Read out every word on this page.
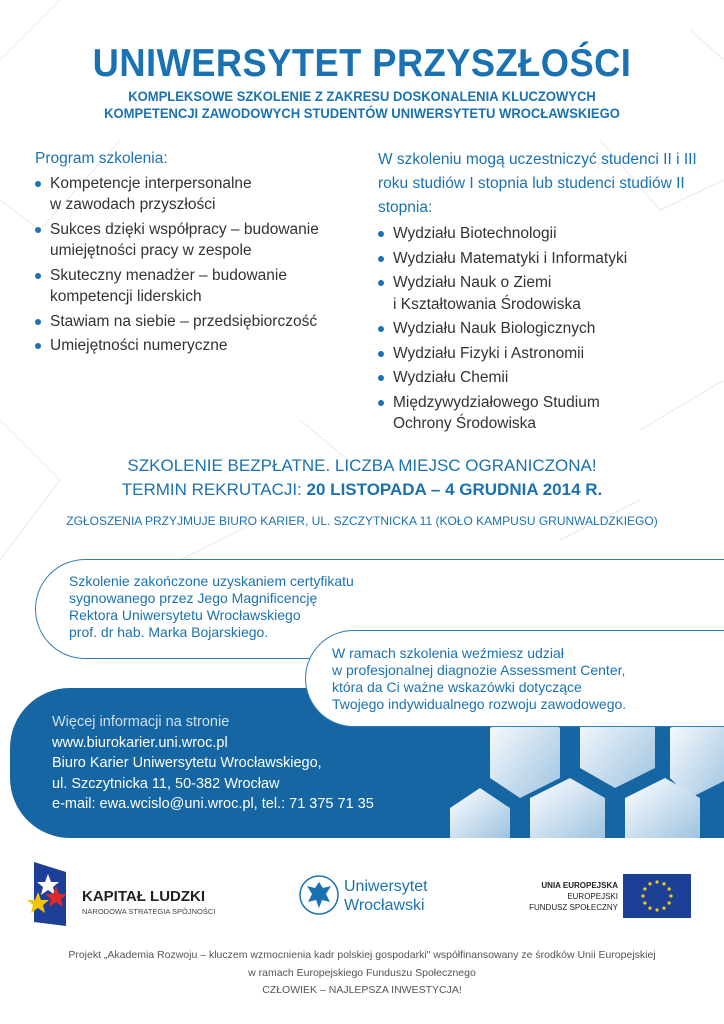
UNIWERSYTET PRZYSZŁOŚCI
KOMPLEKSOWE SZKOLENIE Z ZAKRESU DOSKONALENIA KLUCZOWYCH
KOMPETENCJI ZAWODOWYCH STUDENTÓW UNIWERSYTETU WROCŁAWSKIEGO
Program szkolenia:
Kompetencje interpersonalne
w zawodach przyszłości
Sukces dzięki współpracy – budowanie
umiejętności pracy w zespole
Skuteczny menadżer – budowanie
kompetencji liderskich
Stawiam na siebie – przedsiębiorczość
Umiejętności numeryczne
W szkoleniu mogą uczestniczyć studenci II i III roku studiów I stopnia lub studenci studiów II stopnia:
Wydziału Biotechnologii
Wydziału Matematyki i Informatyki
Wydziału Nauk o Ziemi
i Kształtowania Środowiska
Wydziału Nauk Biologicznych
Wydziału Fizyki i Astronomii
Wydziału Chemii
Międzywydziałowego Studium
Ochrony Środowiska
SZKOLENIE BEZPŁATNE. LICZBA MIEJSC OGRANICZONA!
TERMIN REKRUTACJI: 20 LISTOPADA – 4 GRUDNIA 2014 R.
ZGŁOSZENIA PRZYJMUJE BIURO KARIER, UL. SZCZYTNICKA 11 (KOŁO KAMPUSU GRUNWALDZKIEGO)
Szkolenie zakończone uzyskaniem certyfikatu
sygnowanego przez Jego Magnificencję
Rektora Uniwersytetu Wrocławskiego
prof. dr hab. Marka Bojarskiego.
Więcej informacji na stronie
www.biurokarier.uni.wroc.pl
Biuro Karier Uniwersytetu Wrocławskiego,
ul. Szczytnicka 11, 50-382 Wrocław
e-mail: ewa.wcislo@uni.wroc.pl, tel.: 71 375 71 35
W ramach szkolenia weźmiesz udział
w profesjonalnej diagnozie Assessment Center,
która da Ci ważne wskazówki dotyczące
Twojego indywidualnego rozwoju zawodowego.
KAPITAŁ LUDZKI
NARODOWA STRATEGIA SPÓJNOŚCI
Uniwersytet
Wrocławski
UNIA EUROPEJSKA
EUROPEJSKI
FUNDUSZ SPOŁECZNY
Projekt „Akademia Rozwoju – kluczem wzmocnienia kadr polskiej gospodarki" współfinansowany ze środków Unii Europejskiej
w ramach Europejskiego Funduszu Społecznego
CZŁOWIEK – NAJLEPSZA INWESTYCJA!
